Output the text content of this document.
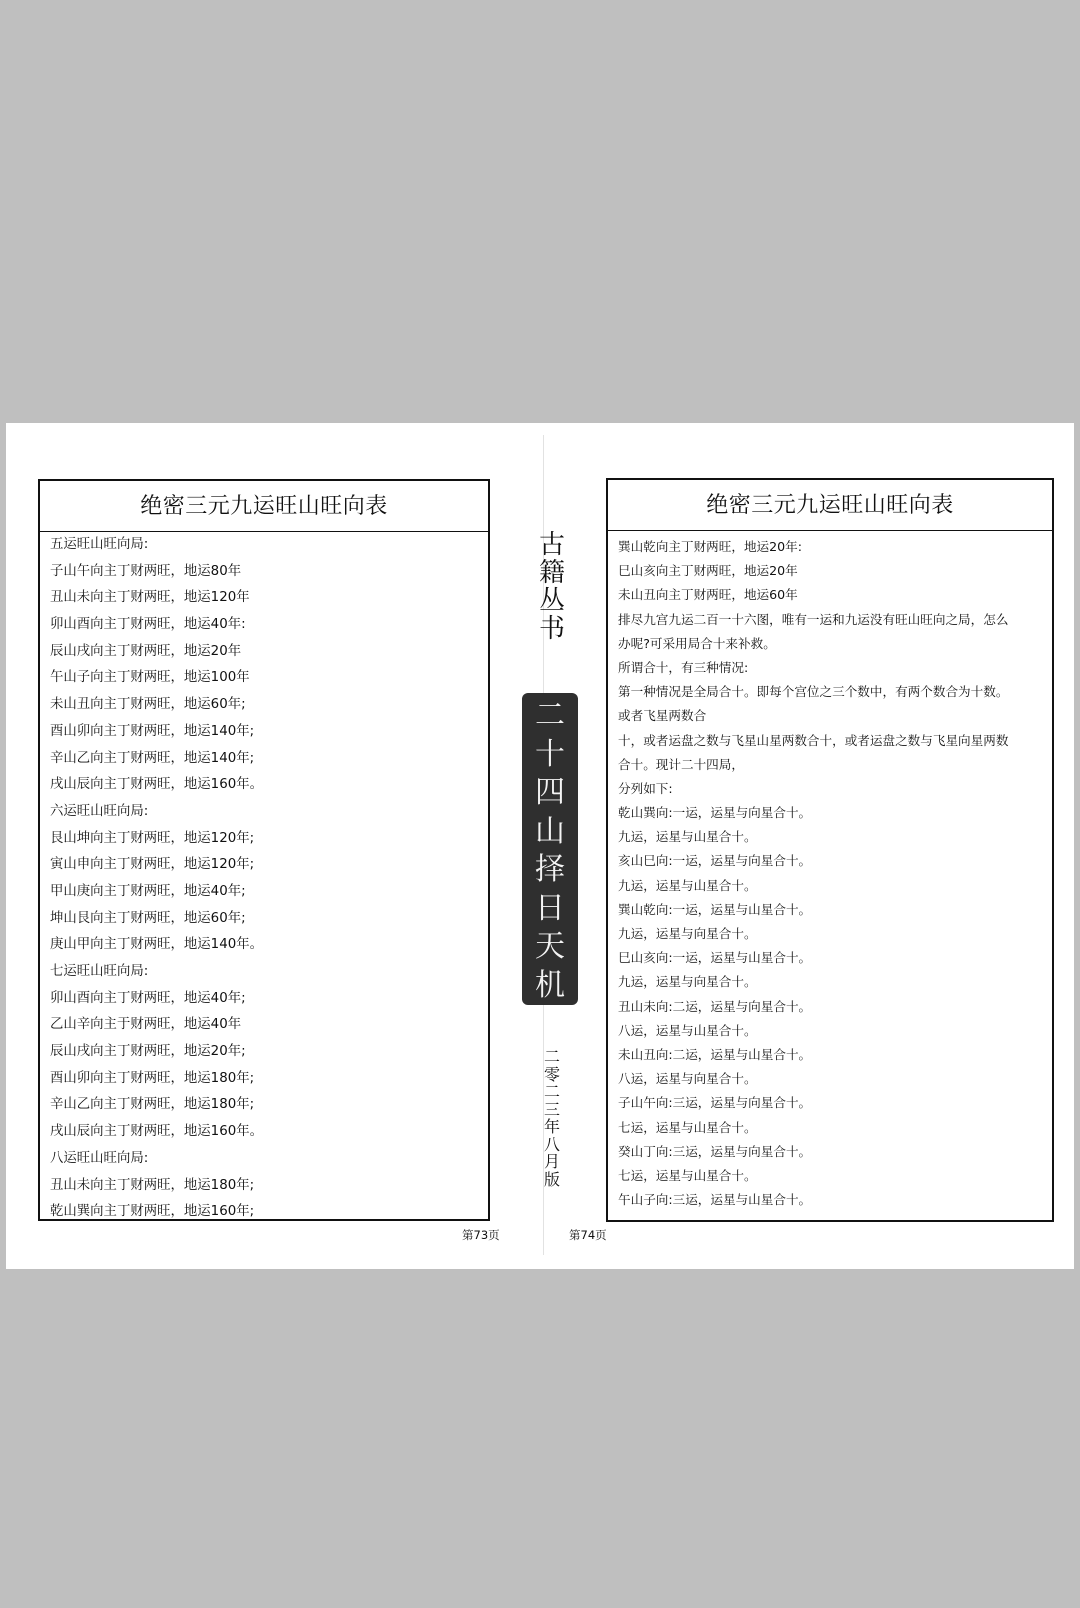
绝密三元九运旺山旺向表
五运旺山旺向局:
子山午向主丁财两旺，地运80年
丑山未向主丁财两旺，地运120年
卯山酉向主丁财两旺，地运40年:
辰山戌向主丁财两旺，地运20年
午山子向主丁财两旺，地运100年
未山丑向主丁财两旺，地运60年;
酉山卯向主丁财两旺，地运140年;
辛山乙向主丁财两旺，地运140年;
戌山辰向主丁财两旺，地运160年。
六运旺山旺向局:
艮山坤向主丁财两旺，地运120年;
寅山申向主丁财两旺，地运120年;
甲山庚向主丁财两旺，地运40年;
坤山艮向主丁财两旺，地运60年;
庚山甲向主丁财两旺，地运140年。
七运旺山旺向局:
卯山酉向主丁财两旺，地运40年;
乙山辛向主于财两旺，地运40年
辰山戌向主丁财两旺，地运20年;
酉山卯向主丁财两旺，地运180年;
辛山乙向主丁财两旺，地运180年;
戌山辰向主丁财两旺，地运160年。
八运旺山旺向局:
丑山未向主丁财两旺，地运180年;
乾山巽向主丁财两旺，地运160年;
第73页
古
籍
丛
书
二
十
四
山
择
日
天
机
二
零
二
三
年
八
月
版
绝密三元九运旺山旺向表
巽山乾向主丁财两旺，地运20年:
巳山亥向主丁财两旺，地运20年
未山丑向主丁财两旺，地运60年
排尽九宫九运二百一十六图，唯有一运和九运没有旺山旺向之局，怎么
办呢?可采用局合十来补救。
所谓合十，有三种情况:
第一种情况是全局合十。即每个宫位之三个数中，有两个数合为十数。
或者飞星两数合
十，或者运盘之数与飞星山星两数合十，或者运盘之数与飞星向星两数
合十。现计二十四局，
分列如下:
乾山巽向:一运，运星与向星合十。
九运，运星与山星合十。
亥山巳向:一运，运星与向星合十。
九运，运星与山星合十。
巽山乾向:一运，运星与山星合十。
九运，运星与向星合十。
巳山亥向:一运，运星与山星合十。
九运，运星与向星合十。
丑山未向:二运，运星与向星合十。
八运，运星与山星合十。
未山丑向:二运，运星与山星合十。
八运，运星与向星合十。
子山午向:三运，运星与向星合十。
七运，运星与山星合十。
癸山丁向:三运，运星与向星合十。
七运，运星与山星合十。
午山子向:三运，运星与山星合十。
第74页
